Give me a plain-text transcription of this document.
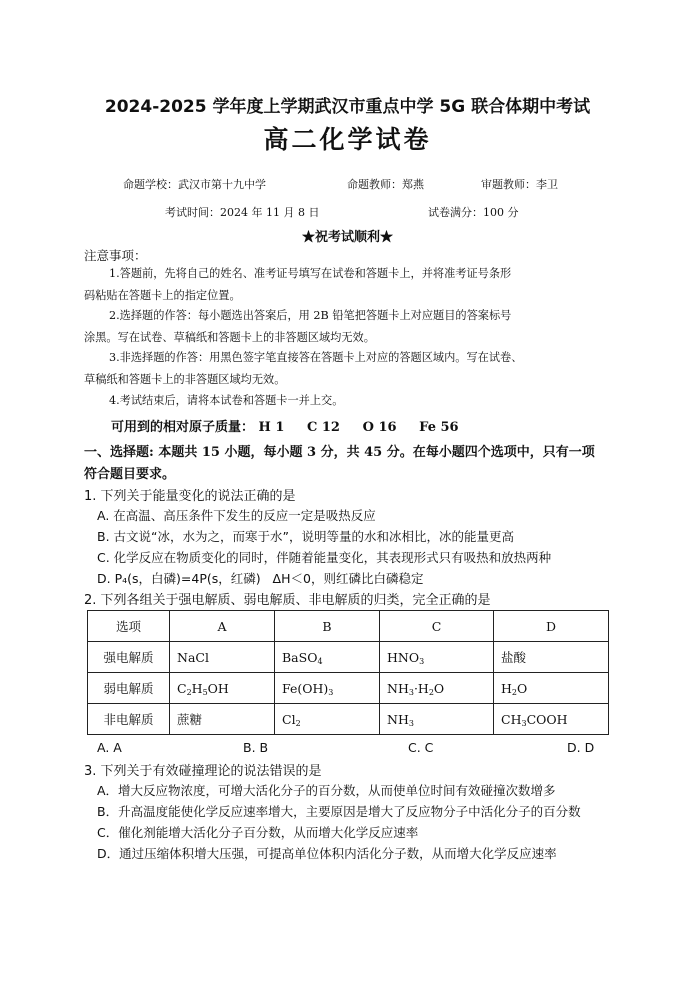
2024-2025 学年度上学期武汉市重点中学 5G 联合体期中考试
高二化学试卷
命题学校：武汉市第十九中学	命题教师：郑燕	审题教师：李卫
考试时间：2024 年 11 月 8 日	试卷满分：100 分
★祝考试顺利★
注意事项：
1.答题前，先将自己的姓名、准考证号填写在试卷和答题卡上，并将准考证号条形
码粘贴在答题卡上的指定位置。
2.选择题的作答：每小题选出答案后，用 2B 铅笔把答题卡上对应题目的答案标号
涂黑。写在试卷、草稿纸和答题卡上的非答题区域均无效。
3.非选择题的作答：用黑色签字笔直接答在答题卡上对应的答题区域内。写在试卷、
草稿纸和答题卡上的非答题区域均无效。
4.考试结束后，请将本试卷和答题卡一并上交。
可用到的相对原子质量： H 1     C 12     O 16     Fe 56
一、选择题: 本题共 15 小题，每小题 3 分，共 45 分。在每小题四个选项中，只有一项
符合题目要求。
1. 下列关于能量变化的说法正确的是
A. 在高温、高压条件下发生的反应一定是吸热反应
B. 古文说“冰，水为之，而寒于水”，说明等量的水和冰相比，冰的能量更高
C. 化学反应在物质变化的同时，伴随着能量变化，其表现形式只有吸热和放热两种
D. P₄(s，白磷)=4P(s，红磷)   ΔH＜0，则红磷比白磷稳定
2. 下列各组关于强电解质、弱电解质、非电解质的归类，完全正确的是
选项	A	B	C	D
强电解质	NaCl	BaSO$_4$	$HNO_3$	盐酸
弱电解质	$C_2H_5OH$	$Fe(OH)_3$	$NH_3\cdot H_2O$	$H_2O$
非电解质	蔗糖	$Cl_2$	$NH_3$	$CH_3COOH$
A. A	B. B	C. C	D. D
3. 下列关于有效碰撞理论的说法错误的是
A．增大反应物浓度，可增大活化分子的百分数，从而使单位时间有效碰撞次数增多
B．升高温度能使化学反应速率增大，主要原因是增大了反应物分子中活化分子的百分数
C．催化剂能增大活化分子百分数，从而增大化学反应速率
D．通过压缩体积增大压强，可提高单位体积内活化分子数，从而增大化学反应速率
